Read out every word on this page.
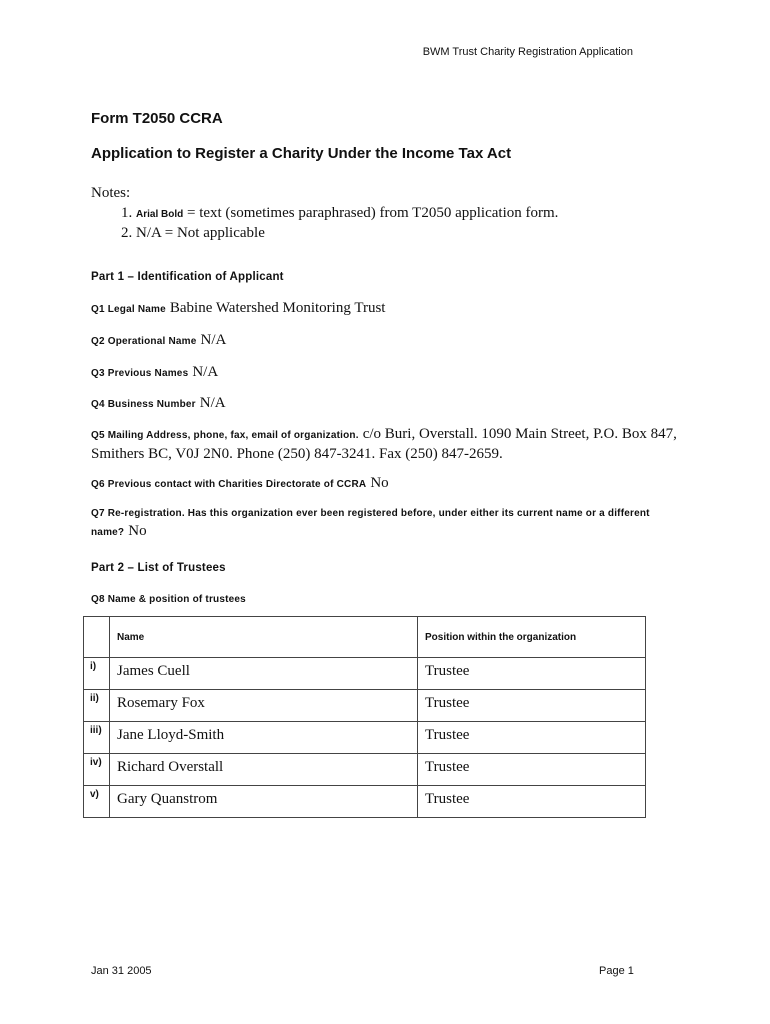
BWM Trust Charity Registration Application
Form T2050 CCRA
Application to Register a Charity Under the Income Tax Act
Notes:
1. Arial Bold = text (sometimes paraphrased) from T2050 application form.
2. N/A = Not applicable
Part 1 – Identification of Applicant
Q1 Legal Name Babine Watershed Monitoring Trust
Q2 Operational Name N/A
Q3 Previous Names N/A
Q4 Business Number N/A
Q5 Mailing Address, phone, fax, email of organization. c/o Buri, Overstall. 1090 Main Street, P.O. Box 847, Smithers BC, V0J 2N0. Phone (250) 847-3241. Fax (250) 847-2659.
Q6 Previous contact with Charities Directorate of CCRA No
Q7 Re-registration. Has this organization ever been registered before, under either its current name or a different name? No
Part 2 – List of Trustees
Q8 Name & position of trustees
	Name	Position within the organization
i)	James Cuell	Trustee
ii)	Rosemary Fox	Trustee
iii)	Jane Lloyd-Smith	Trustee
iv)	Richard Overstall	Trustee
v)	Gary Quanstrom	Trustee
Jan 31 2005	Page 1
